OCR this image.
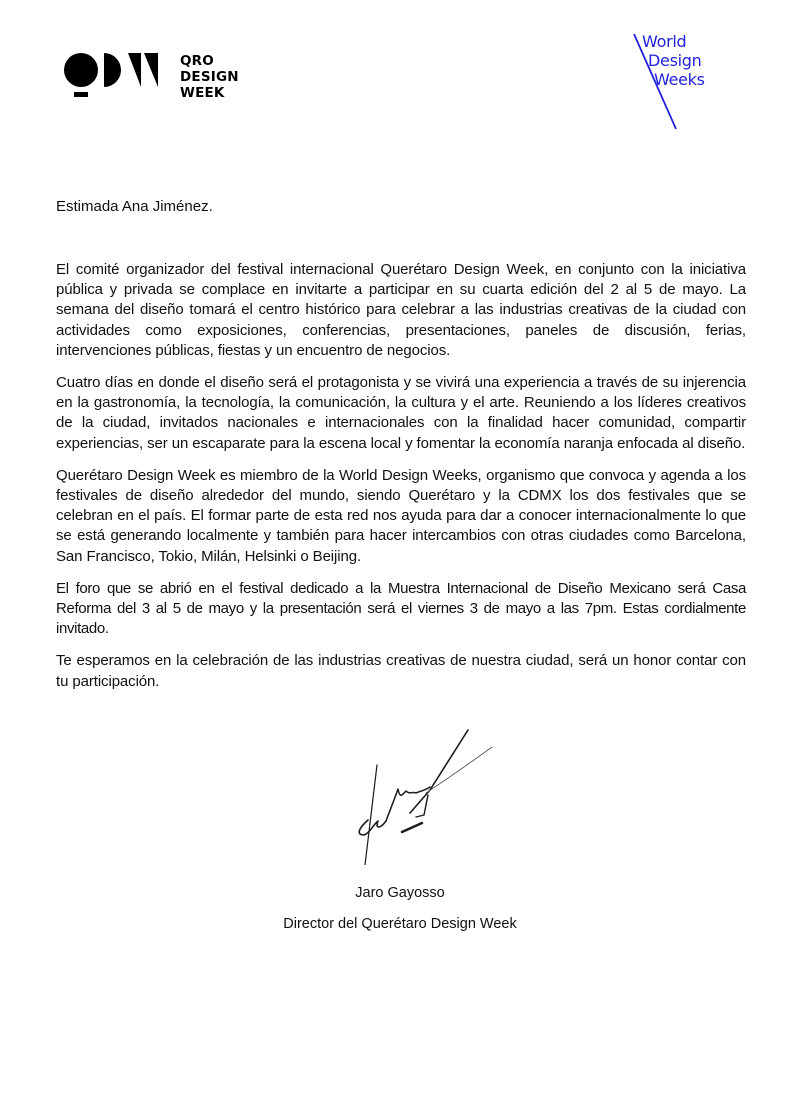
QRO
DESIGN
WEEK
World
Design
Weeks
Estimada Ana Jiménez.

El comité organizador del festival internacional Querétaro Design Week, en conjunto con la iniciativa pública y privada se complace en invitarte a participar en su cuarta edición del 2 al 5 de mayo. La semana del diseño tomará el centro histórico para celebrar a las industrias creativas de la ciudad con actividades como exposiciones, conferencias, presentaciones, paneles de discusión, ferias, intervenciones públicas, fiestas y un encuentro de negocios.

Cuatro días en donde el diseño será el protagonista y se vivirá una experiencia a través de su injerencia en la gastronomía, la tecnología, la comunicación, la cultura y el arte. Reuniendo a los líderes creativos de la ciudad, invitados nacionales e internacionales con la finalidad hacer comunidad, compartir experiencias, ser un escaparate para la escena local y fomentar la economía naranja enfocada al diseño.

Querétaro Design Week es miembro de la World Design Weeks, organismo que convoca y agenda a los festivales de diseño alrededor del mundo, siendo Querétaro y la CDMX los dos festivales que se celebran en el país. El formar parte de esta red nos ayuda para dar a conocer internacionalmente lo que se está generando localmente y también para hacer intercambios con otras ciudades como Barcelona, San Francisco, Tokio, Milán, Helsinki o Beijing.

El foro que se abrió en el festival dedicado a la Muestra Internacional de Diseño Mexicano será Casa Reforma del 3 al 5 de mayo y la presentación será el viernes 3 de mayo a las 7pm. Estas cordialmente invitado.

Te esperamos en la celebración de las industrias creativas de nuestra ciudad, será un honor contar con tu participación.

Jaro Gayosso
Director del Querétaro Design Week
